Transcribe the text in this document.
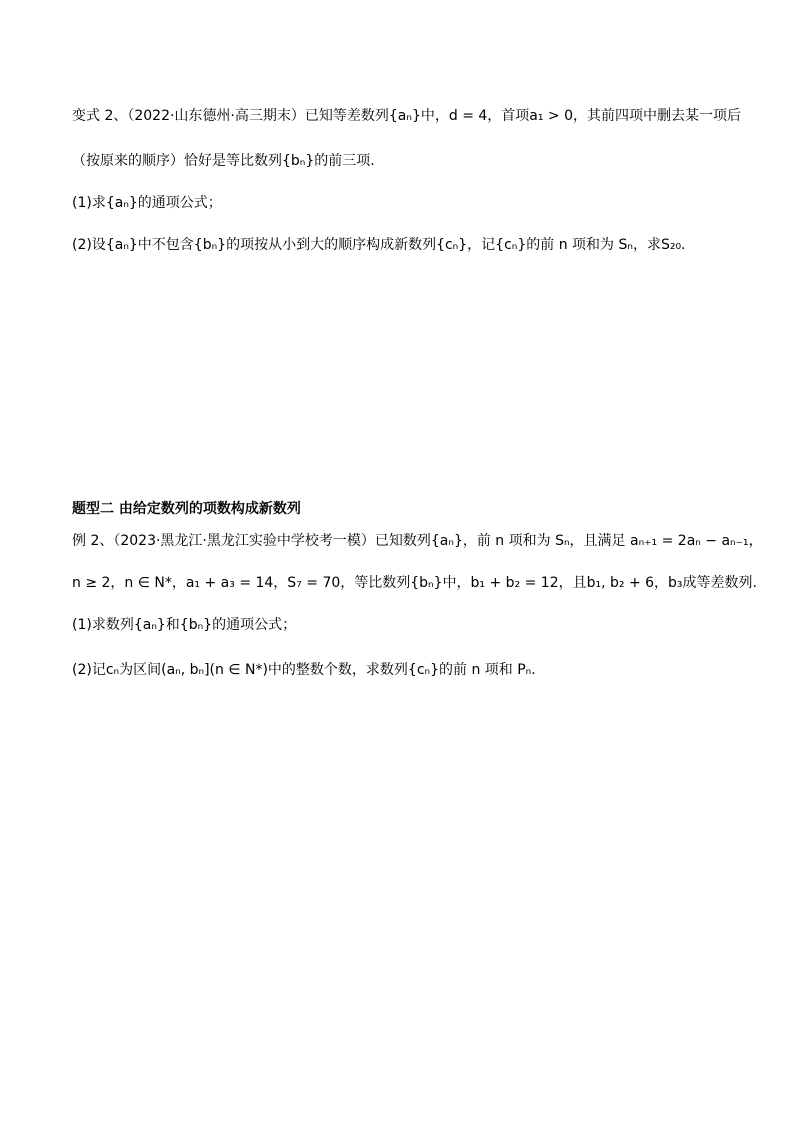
变式 2、（2022·山东德州·高三期末）已知等差数列{aₙ}中，d = 4，首项a₁ > 0，其前四项中删去某一项后
（按原来的顺序）恰好是等比数列{bₙ}的前三项.
(1)求{aₙ}的通项公式；
(2)设{aₙ}中不包含{bₙ}的项按从小到大的顺序构成新数列{cₙ}，记{cₙ}的前 n 项和为 Sₙ，求S₂₀.
题型二 由给定数列的项数构成新数列
例 2、（2023·黑龙江·黑龙江实验中学校考一模）已知数列{aₙ}，前 n 项和为 Sₙ，且满足 aₙ₊₁ = 2aₙ − aₙ₋₁，
n ≥ 2，n ∈ N*，a₁ + a₃ = 14，S₇ = 70，等比数列{bₙ}中，b₁ + b₂ = 12，且b₁, b₂ + 6，b₃成等差数列.
(1)求数列{aₙ}和{bₙ}的通项公式；
(2)记cₙ为区间(aₙ, bₙ](n ∈ N*)中的整数个数，求数列{cₙ}的前 n 项和 Pₙ.
